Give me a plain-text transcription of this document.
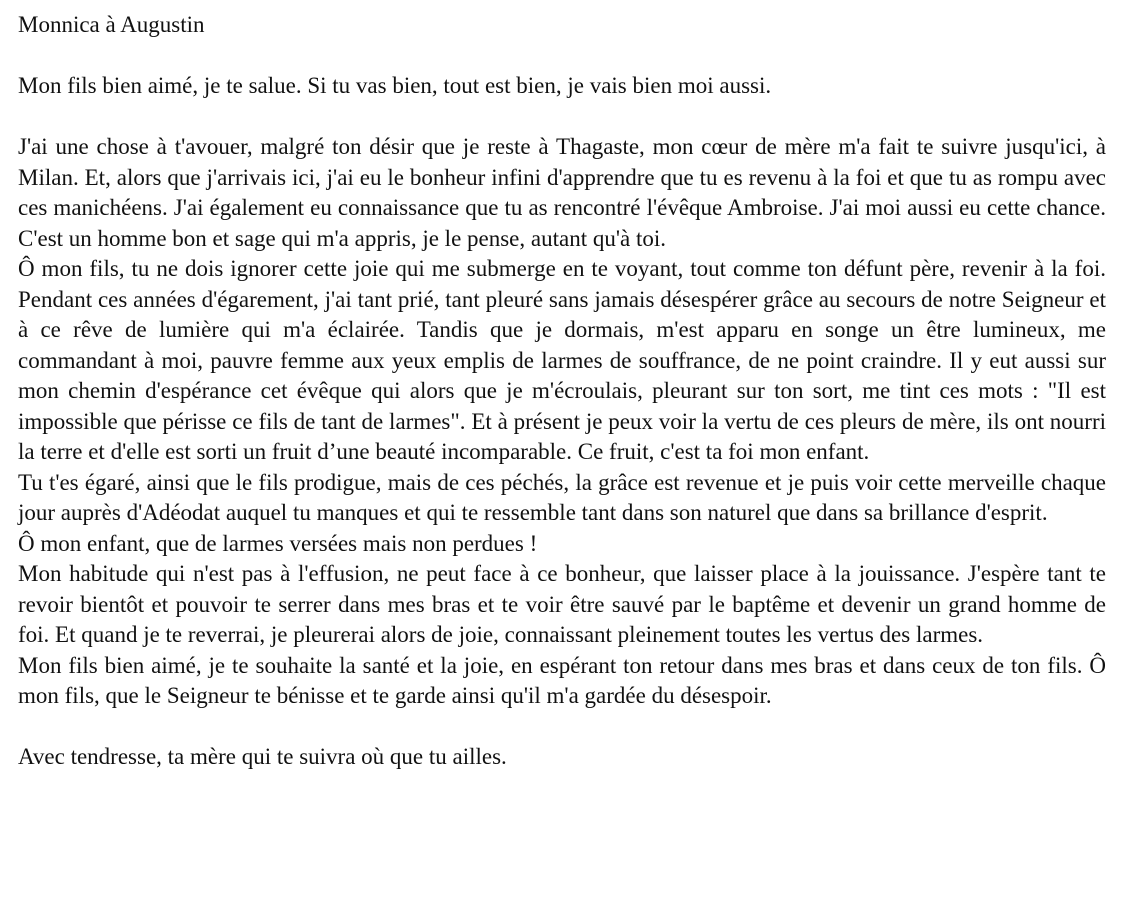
Monnica à Augustin

Mon fils bien aimé, je te salue. Si tu vas bien, tout est bien, je vais bien moi aussi.

J'ai une chose à t'avouer, malgré ton désir que je reste à Thagaste, mon cœur de mère m'a fait te suivre jusqu'ici, à Milan. Et, alors que j'arrivais ici, j'ai eu le bonheur infini d'apprendre que tu es revenu à la foi et que tu as rompu avec ces manichéens. J'ai également eu connaissance que tu as rencontré l'évêque Ambroise. J'ai moi aussi eu cette chance. C'est un homme bon et sage qui m'a appris, je le pense, autant qu'à toi.

Ô mon fils, tu ne dois ignorer cette joie qui me submerge en te voyant, tout comme ton défunt père, revenir à la foi. Pendant ces années d'égarement, j'ai tant prié, tant pleuré sans jamais désespérer grâce au secours de notre Seigneur et à ce rêve de lumière qui m'a éclairée. Tandis que je dormais, m'est apparu en songe un être lumineux, me commandant à moi, pauvre femme aux yeux emplis de larmes de souffrance, de ne point craindre. Il y eut aussi sur mon chemin d'espérance cet évêque qui alors que je m'écroulais, pleurant sur ton sort, me tint ces mots : "Il est impossible que périsse ce fils de tant de larmes". Et à présent je peux voir la vertu de ces pleurs de mère, ils ont nourri la terre et d'elle est sorti un fruit d’une beauté incomparable. Ce fruit, c'est ta foi mon enfant.

Tu t'es égaré, ainsi que le fils prodigue, mais de ces péchés, la grâce est revenue et je puis voir cette merveille chaque jour auprès d'Adéodat auquel tu manques et qui te ressemble tant dans son naturel que dans sa brillance d'esprit.

Ô mon enfant, que de larmes versées mais non perdues !

Mon habitude qui n'est pas à l'effusion, ne peut face à ce bonheur, que laisser place à la jouissance. J'espère tant te revoir bientôt et pouvoir te serrer dans mes bras et te voir être sauvé par le baptême et devenir un grand homme de foi. Et quand je te reverrai, je pleurerai alors de joie, connaissant pleinement toutes les vertus des larmes.

Mon fils bien aimé, je te souhaite la santé et la joie, en espérant ton retour dans mes bras et dans ceux de ton fils. Ô mon fils, que le Seigneur te bénisse et te garde ainsi qu'il m'a gardée du désespoir.

Avec tendresse, ta mère qui te suivra où que tu ailles.
